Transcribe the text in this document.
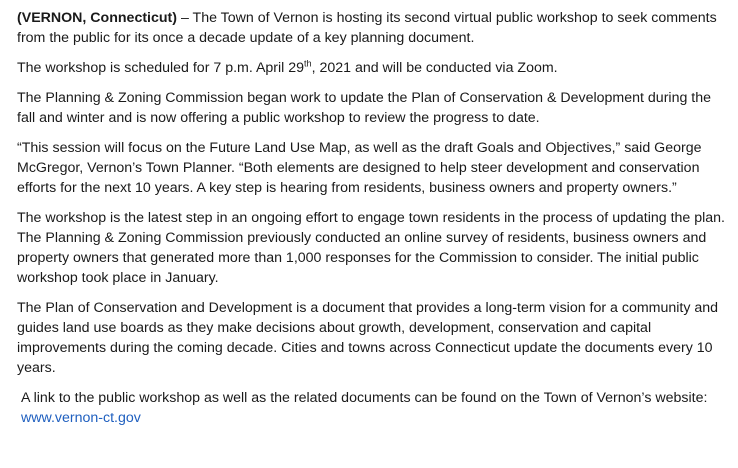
(VERNON, Connecticut) – The Town of Vernon is hosting its second virtual public workshop to seek comments from the public for its once a decade update of a key planning document.

The workshop is scheduled for 7 p.m. April 29th, 2021 and will be conducted via Zoom.

The Planning & Zoning Commission began work to update the Plan of Conservation & Development during the fall and winter and is now offering a public workshop to review the progress to date.

“This session will focus on the Future Land Use Map, as well as the draft Goals and Objectives,” said George McGregor, Vernon’s Town Planner. “Both elements are designed to help steer development and conservation efforts for the next 10 years. A key step is hearing from residents, business owners and property owners.”

The workshop is the latest step in an ongoing effort to engage town residents in the process of updating the plan. The Planning & Zoning Commission previously conducted an online survey of residents, business owners and property owners that generated more than 1,000 responses for the Commission to consider. The initial public workshop took place in January.

The Plan of Conservation and Development is a document that provides a long-term vision for a community and guides land use boards as they make decisions about growth, development, conservation and capital improvements during the coming decade. Cities and towns across Connecticut update the documents every 10 years.

A link to the public workshop as well as the related documents can be found on the Town of Vernon’s website: www.vernon-ct.gov
